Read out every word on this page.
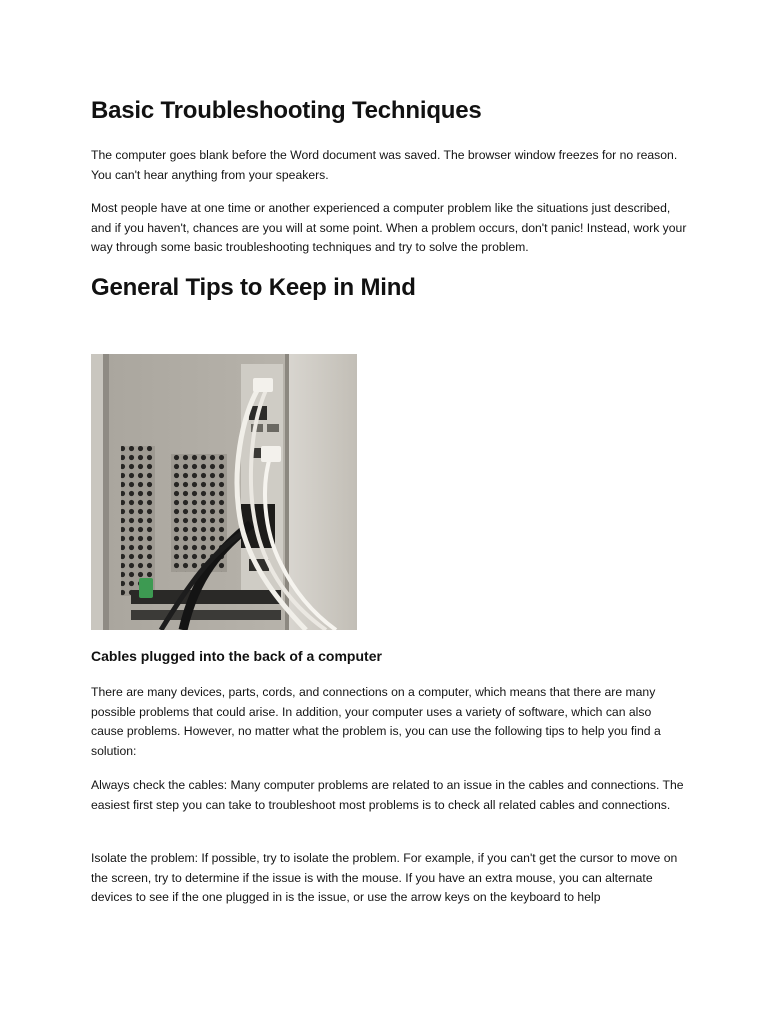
Basic Troubleshooting Techniques

The computer goes blank before the Word document was saved. The browser window freezes for no reason. You can't hear anything from your speakers.

Most people have at one time or another experienced a computer problem like the situations just described, and if you haven't, chances are you will at some point. When a problem occurs, don't panic! Instead, work your way through some basic troubleshooting techniques and try to solve the problem.

General Tips to Keep in Mind
Cables plugged into the back of a computer

There are many devices, parts, cords, and connections on a computer, which means that there are many possible problems that could arise. In addition, your computer uses a variety of software, which can also cause problems. However, no matter what the problem is, you can use the following tips to help you find a solution:

Always check the cables: Many computer problems are related to an issue in the cables and connections. The easiest first step you can take to troubleshoot most problems is to check all related cables and connections.

Isolate the problem: If possible, try to isolate the problem. For example, if you can't get the cursor to move on the screen, try to determine if the issue is with the mouse. If you have an extra mouse, you can alternate devices to see if the one plugged in is the issue, or use the arrow keys on the keyboard to help
